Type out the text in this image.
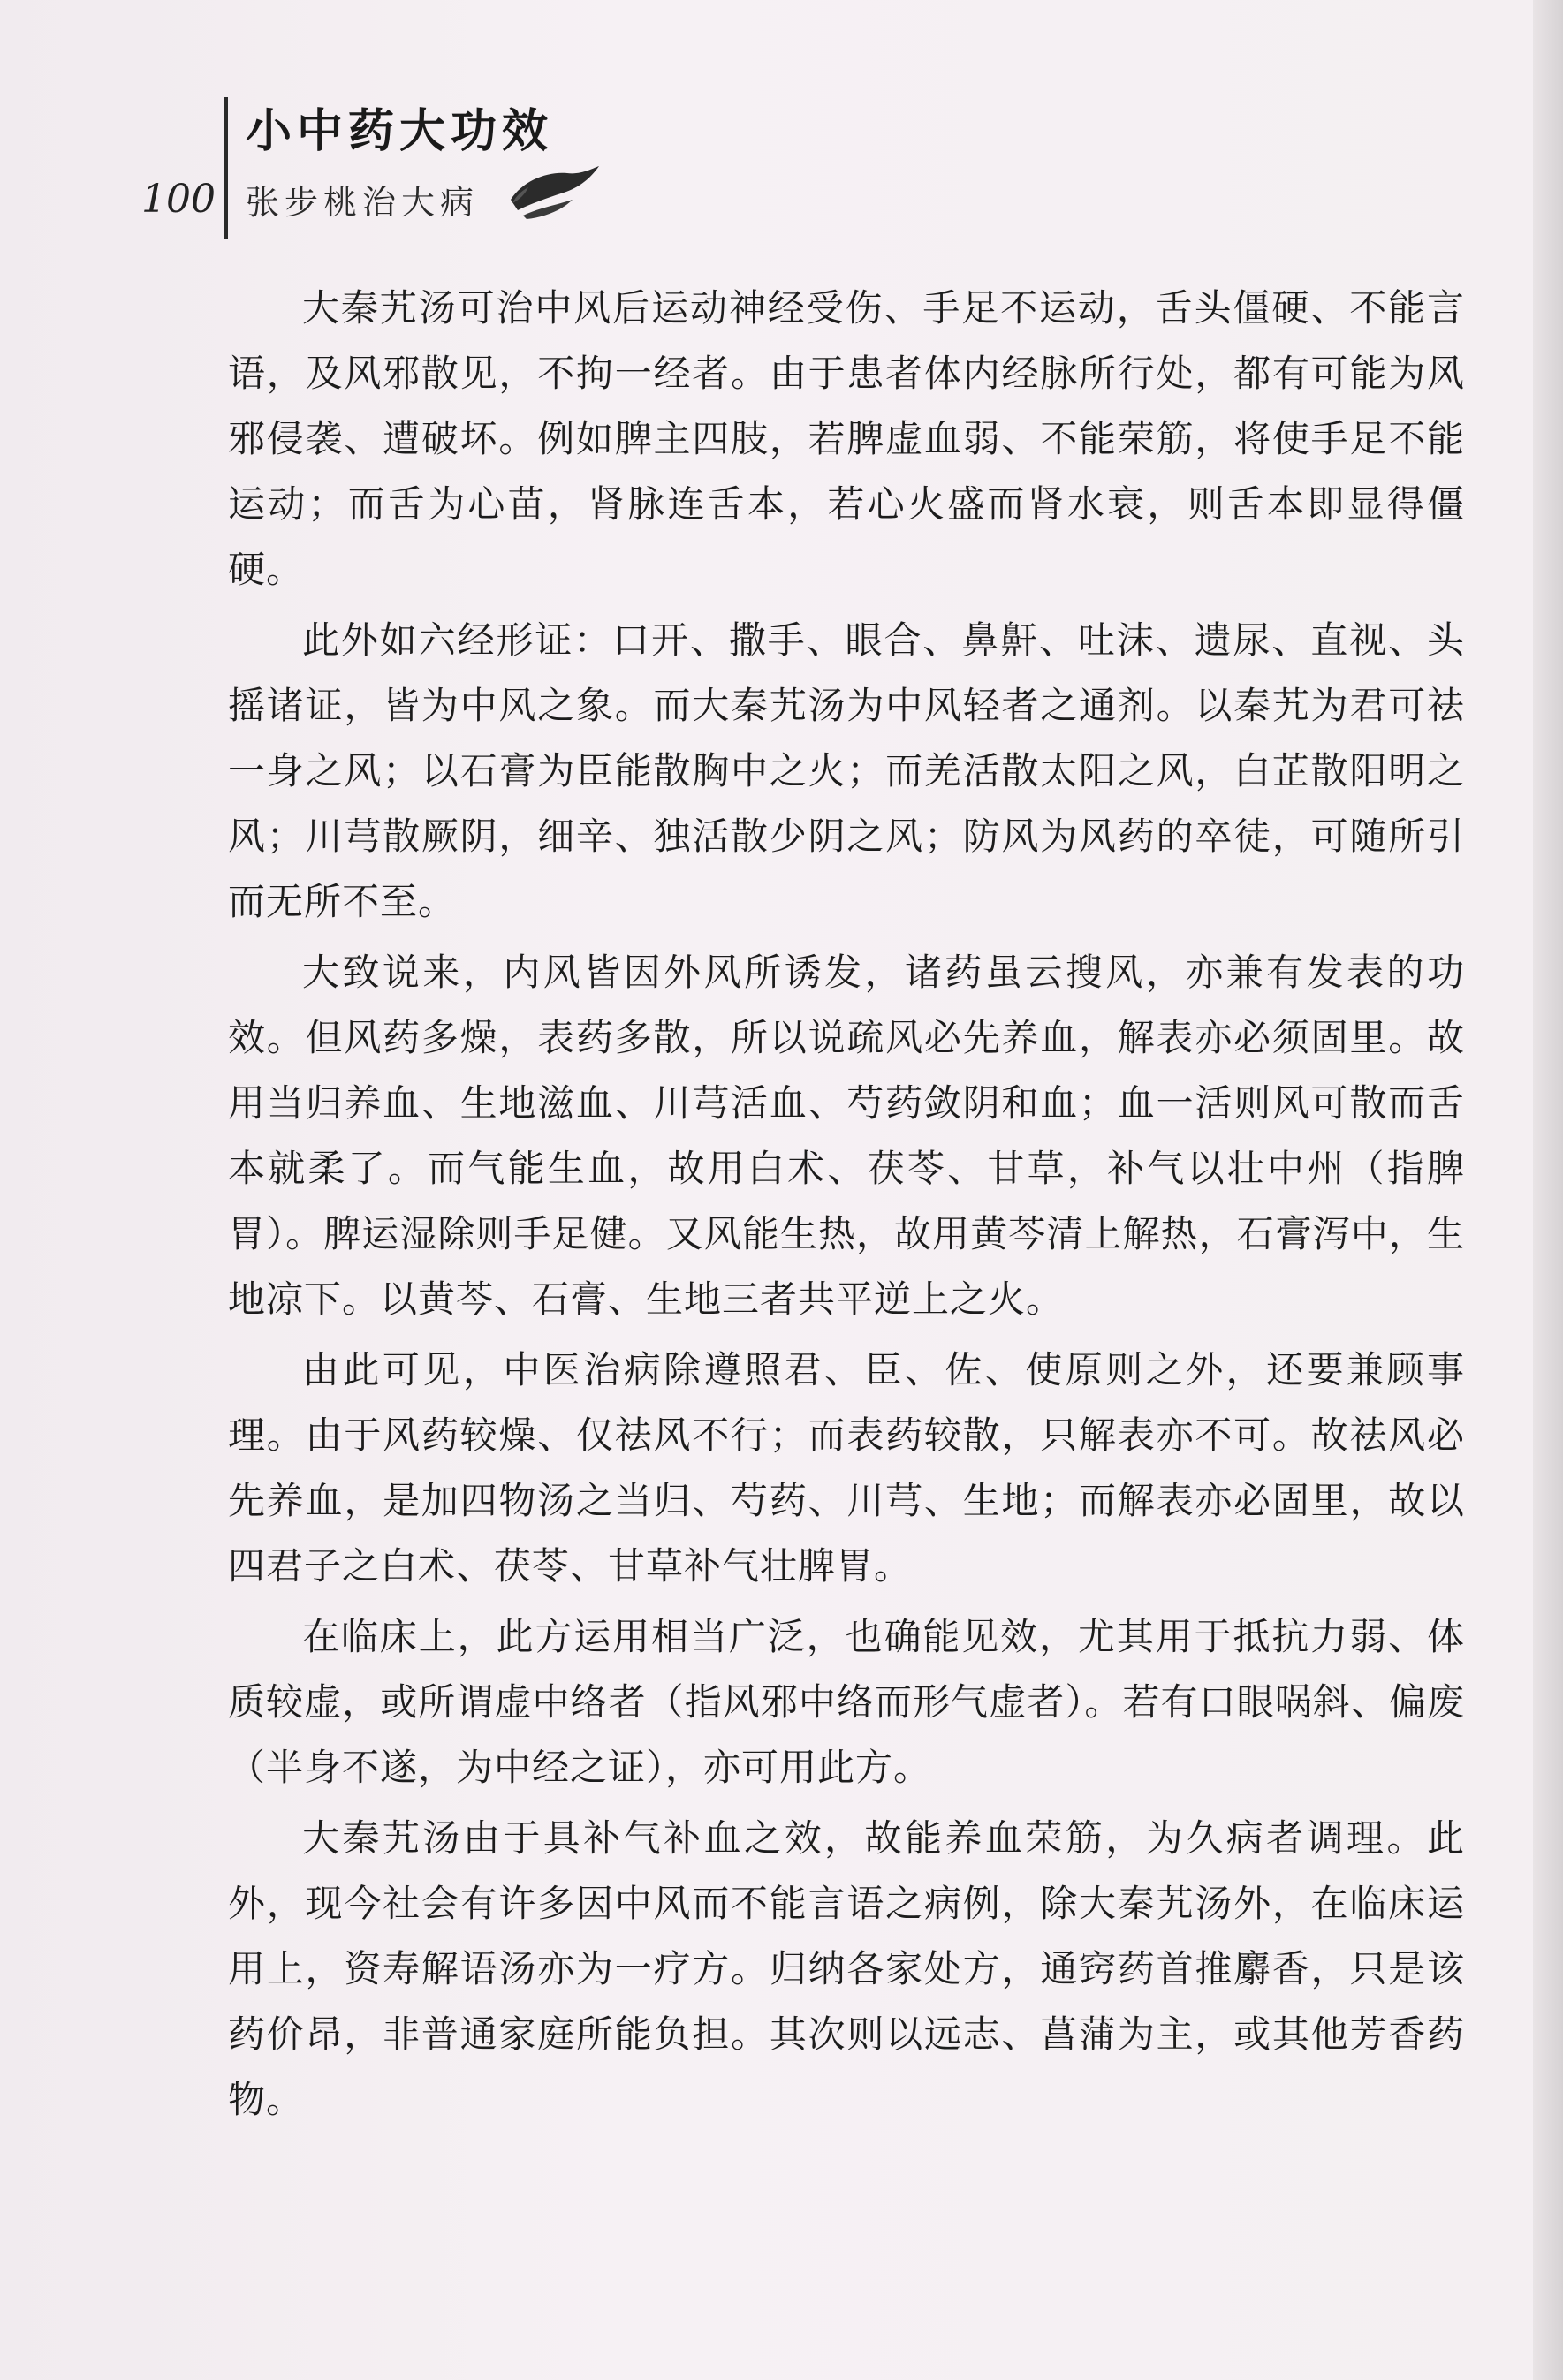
100
小中药大功效
张步桃治大病

大秦艽汤可治中风后运动神经受伤、手足不运动，舌头僵硬、不能言语，及风邪散见，不拘一经者。由于患者体内经脉所行处，都有可能为风邪侵袭、遭破坏。例如脾主四肢，若脾虚血弱、不能荣筋，将使手足不能运动；而舌为心苗，肾脉连舌本，若心火盛而肾水衰，则舌本即显得僵硬。

此外如六经形证：口开、撒手、眼合、鼻鼾、吐沫、遗尿、直视、头摇诸证，皆为中风之象。而大秦艽汤为中风轻者之通剂。以秦艽为君可祛一身之风；以石膏为臣能散胸中之火；而羌活散太阳之风，白芷散阳明之风；川芎散厥阴，细辛、独活散少阴之风；防风为风药的卒徒，可随所引而无所不至。

大致说来，内风皆因外风所诱发，诸药虽云搜风，亦兼有发表的功效。但风药多燥，表药多散，所以说疏风必先养血，解表亦必须固里。故用当归养血、生地滋血、川芎活血、芍药敛阴和血；血一活则风可散而舌本就柔了。而气能生血，故用白术、茯苓、甘草，补气以壮中州（指脾胃）。脾运湿除则手足健。又风能生热，故用黄芩清上解热，石膏泻中，生地凉下。以黄芩、石膏、生地三者共平逆上之火。

由此可见，中医治病除遵照君、臣、佐、使原则之外，还要兼顾事理。由于风药较燥、仅祛风不行；而表药较散，只解表亦不可。故祛风必先养血，是加四物汤之当归、芍药、川芎、生地；而解表亦必固里，故以四君子之白术、茯苓、甘草补气壮脾胃。

在临床上，此方运用相当广泛，也确能见效，尤其用于抵抗力弱、体质较虚，或所谓虚中络者（指风邪中络而形气虚者）。若有口眼㖞斜、偏废（半身不遂，为中经之证），亦可用此方。

大秦艽汤由于具补气补血之效，故能养血荣筋，为久病者调理。此外，现今社会有许多因中风而不能言语之病例，除大秦艽汤外，在临床运用上，资寿解语汤亦为一疗方。归纳各家处方，通窍药首推麝香，只是该药价昂，非普通家庭所能负担。其次则以远志、菖蒲为主，或其他芳香药物。
